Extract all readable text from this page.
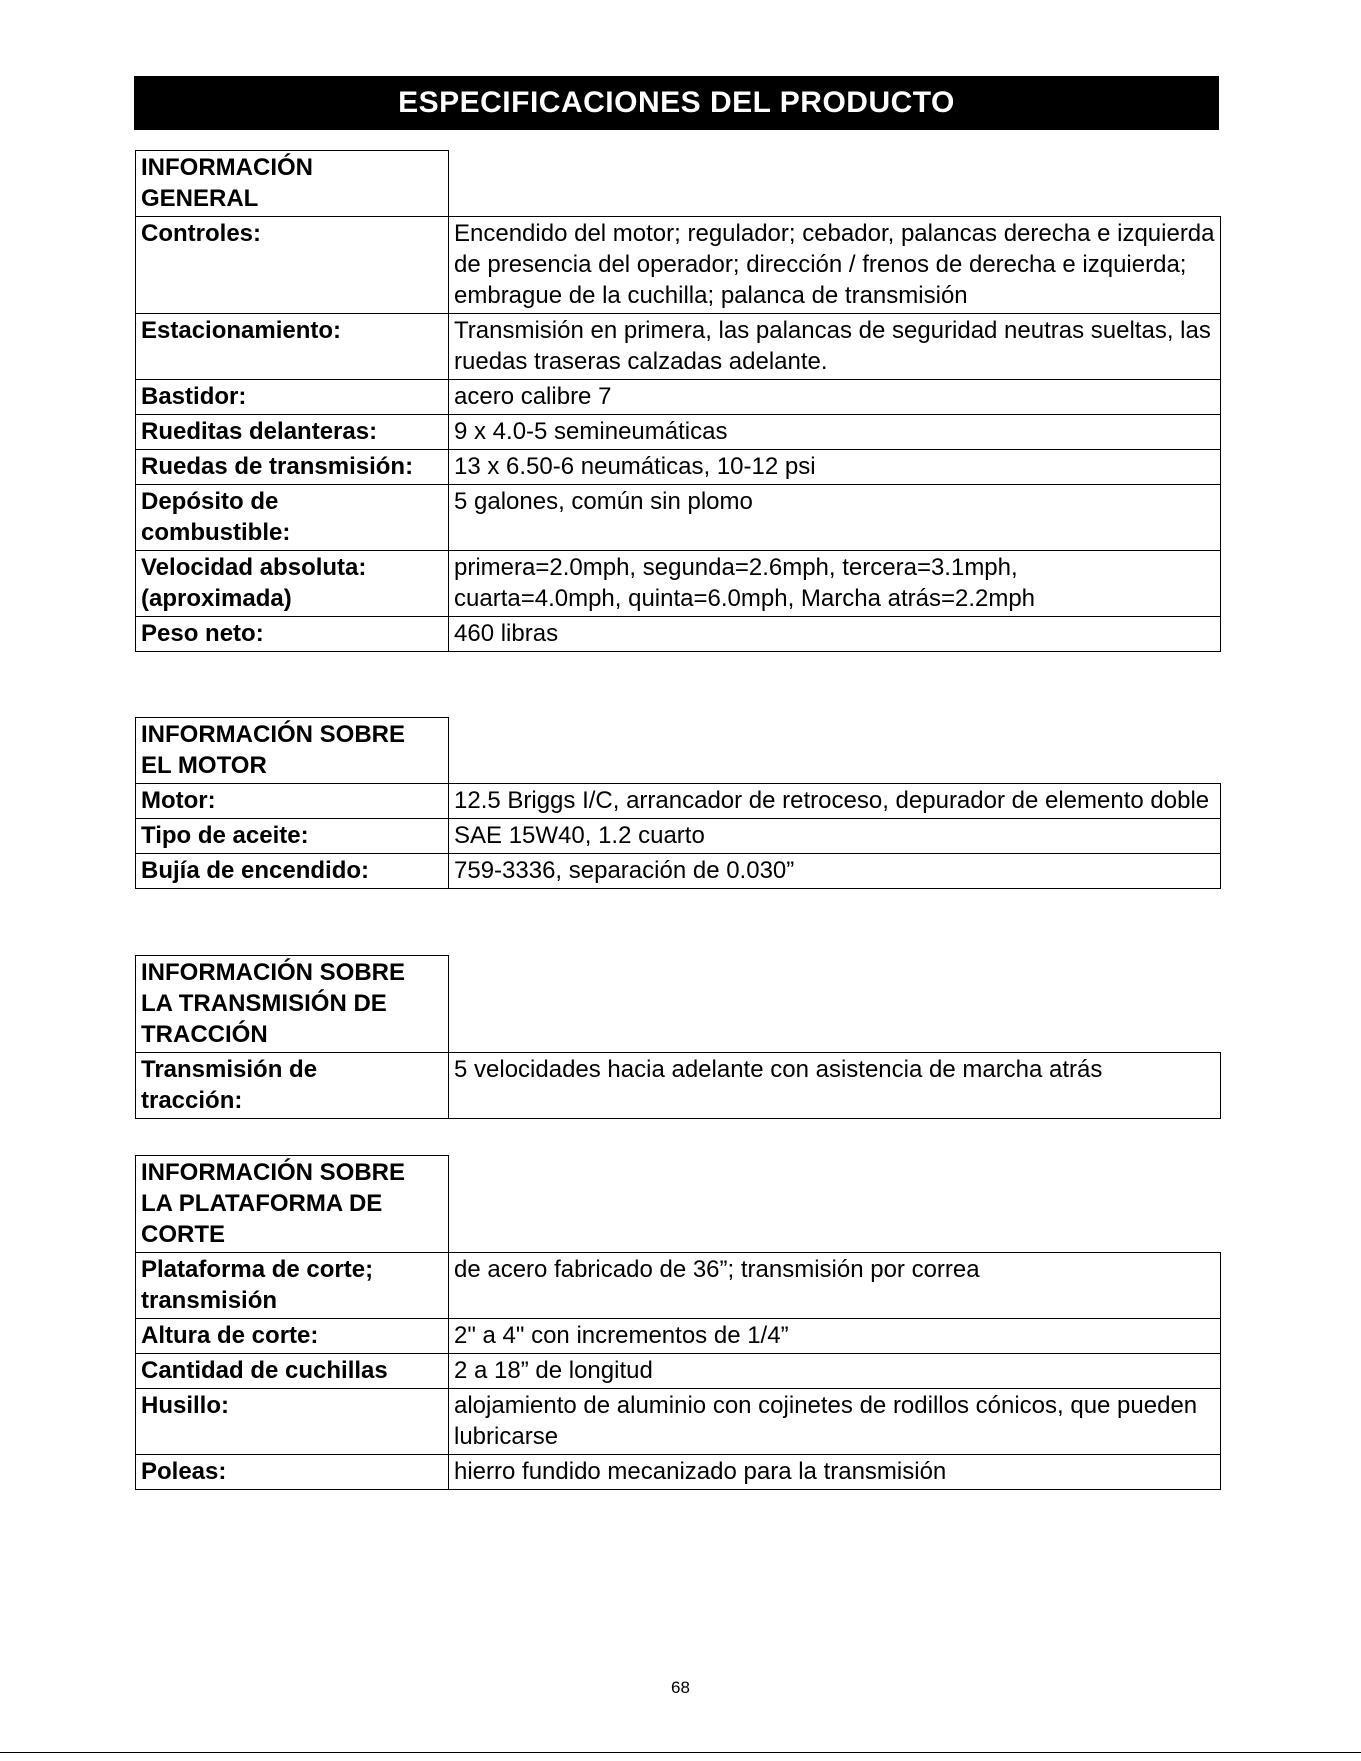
ESPECIFICACIONES DEL PRODUCTO
INFORMACIÓN GENERAL	

Controles:	Encendido del motor; regulador; cebador, palancas derecha e izquierda de presencia del operador; dirección / frenos de derecha e izquierda; embrague de la cuchilla; palanca de transmisión
Estacionamiento:	Transmisión en primera, las palancas de seguridad neutras sueltas, las ruedas traseras calzadas adelante.
Bastidor:	acero calibre 7
Rueditas delanteras:	9 x 4.0-5 semineumáticas
Ruedas de transmisión:	13 x 6.50-6 neumáticas, 10-12 psi

Depósito de combustible:	5 galones, común sin plomo

Velocidad absoluta: (aproximada)	primera=2.0mph, segunda=2.6mph, tercera=3.1mph, cuarta=4.0mph, quinta=6.0mph, Marcha atrás=2.2mph

Peso neto:	460 libras
INFORMACIÓN SOBRE EL MOTOR	

Motor:	12.5 Briggs I/C, arrancador de retroceso, depurador de elemento doble
Tipo de aceite:	SAE 15W40, 1.2 cuarto
Bujía de encendido:	759-3336, separación de 0.030”
INFORMACIÓN SOBRE LA TRANSMISIÓN DE TRACCIÓN	

Transmisión de tracción:	5 velocidades hacia adelante con asistencia de marcha atrás
INFORMACIÓN SOBRE LA PLATAFORMA DE CORTE	

Plataforma de corte; transmisión	de acero fabricado de 36”; transmisión por correa
Altura de corte:	2" a 4" con incrementos de 1/4”
Cantidad de cuchillas	2 a 18” de longitud
Husillo:	alojamiento de aluminio con cojinetes de rodillos cónicos, que pueden lubricarse
Poleas:	hierro fundido mecanizado para la transmisión
68
